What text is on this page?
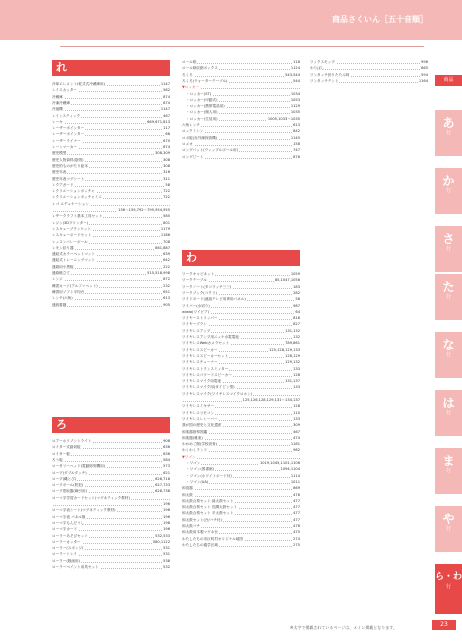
商品さくいん［五十音順］
れ
冷却エレメント(乾式式冷蔵庫用)	1147
レイスカッター	582
冷蔵庫	874
冷凍冷蔵庫	874
冷風機	1147
レインスティック	467
レーキ	669,671,813
レーザーポインター	117
レーザーポインター	66
レーザーライナー	670
レーンマーカー	674
歴史模型	308,309
歴史人物資料(掛図)	308
歴史的ものがたり絵本	308
歴史年表	316
歴史年表マグシート	311
レクアガード	58
レクリエーションポッチャ	722
レクリエーションポッチャミニ	722
レゴ エデュケーション
156～159,792～795,954,955
レザークラフト基本工具セット	585
レジン(3Dプリンター)	801
レスキューブランケット	1179
レスキューボードセット	1186
レッスンバレーボール	708
レモン絞り器	861,887
連結式カラーペットマット	639
連結式トレーニングマット	642
連絡用小黒板	222
連絡帳立て	515,518,998
レンジ	872
練習カード(アルファベット)	232
練習用ソフト平均台	651
レンチ(六角)	613
連続書割	905
ろ
ロアーホリゾントライト	908
ロイター式踏切板	636
ロイター板	636
ろう板	584
ロータリーヘッド(電動彫刻機用)	573
ロープ(ダブルダッチ)	621
ロープ(縄とび)	628,718
ロープポール(防犯)	627,733
ロープ巻取器(綱引用)	628,738
ローマ字学習カードセット(マグネティック教材)
196
ローマ字表シート(マグネティック教材)	196
ローマ字表 パネル版	196
ローマ字もんだうし	198
ローマ字カード	196
ローラーあそびセット	532,533
ローラーカッター	580,1122
ローラー(スポンジ)	531
ローラートレイ	531
ローラー(版画用)	538
ローラーペイント用具セット	532
ロール紙	118
ロール紙収納ボックス	1124
ろくろ	543,544
ろくろ(ウォーターテーブル)	544
▼ロッカー
・ロッカー(ST)	1034
・ロッカー(可動式)	1053
・ロッカー(携帯電話用)	1129
・ロッカー(個人用)	1035
・ロッカー(生徒用)	1005,1033～1035
六角レンチ	613
ロックミシン	842
ロボ板(赤外線探査機)	1145
ロメオ	158
ロングパット(ウィップルボール用)	747
ロングピート	876
わ
ワークキャビネット	1059
ワークテーブル	85,1047,1058
ワークノート(タコラッチ三三)	183
ワークブック(コクリ)	282
ワイドボード(液晶テレビ用専用パネル)	58
ワイパー(水切り)	987
wiwia(ワイビア)	64
ワイヤーストリッパー	816
ワイヤーブラシ	827
ワイヤレスアンプ	131,132
ワイヤレスアンプ用ニッケ水電電池	132
ワイヤレスWebカメラセット	789,861
ワイヤレススピーカー	125,128,129,133
ワイヤレススピーカーセット	128,129
ワイヤレスチューナー	129,132
ワイヤレストランスミッター	133
ワイヤレスパワードスピーカー	128
ワイヤレスマイク用電池	131,137
ワイヤレスマイク用(タイピン型)	133
ワイヤレスマイク(ワイヤレスマイクロホン)
125,126,128,129,131～134,137
ワイヤレスミキサー	128
ワイヤレスリモコン	110
ワイヤレスレシーバー	133
我が国の歴史と文化遺産	309
和楽器指導図鑑	467
和楽器(雅楽)	474
わかめご飯(学校食育)	1181
わくわくランド	982
▼ワゴン
・ワゴン	1019,1045,1101,1106
・ワゴン(図書館)	1094,1104
・ワゴン(ホワイトボード付)	1114
・ワゴン(UA)	1011
和食器	869
和太鼓	476
和太鼓合奏セット 緑太鼓セット	477
和太鼓合奏セット 長胴太鼓セット	477
和太鼓合奏セット 平太鼓セット	477
和太鼓セット(台/バチ付)	477
和太鼓バチ	476
和太鼓用木製マグネ台	475
わたしたちの市区町村オリジナル地図	274
わたしたちの通学区域	275
ワックスモップ	996
わりばし	865
ワンタッチ折りたたみ椅	594
ワンタッチテント	1164	商品
あ
行
か
行
さ
行
た
行
な
行
は
行
ま
行
や
行
ら・わ
行
※太字で掲載されているページは、メイン掲載となります。	23
